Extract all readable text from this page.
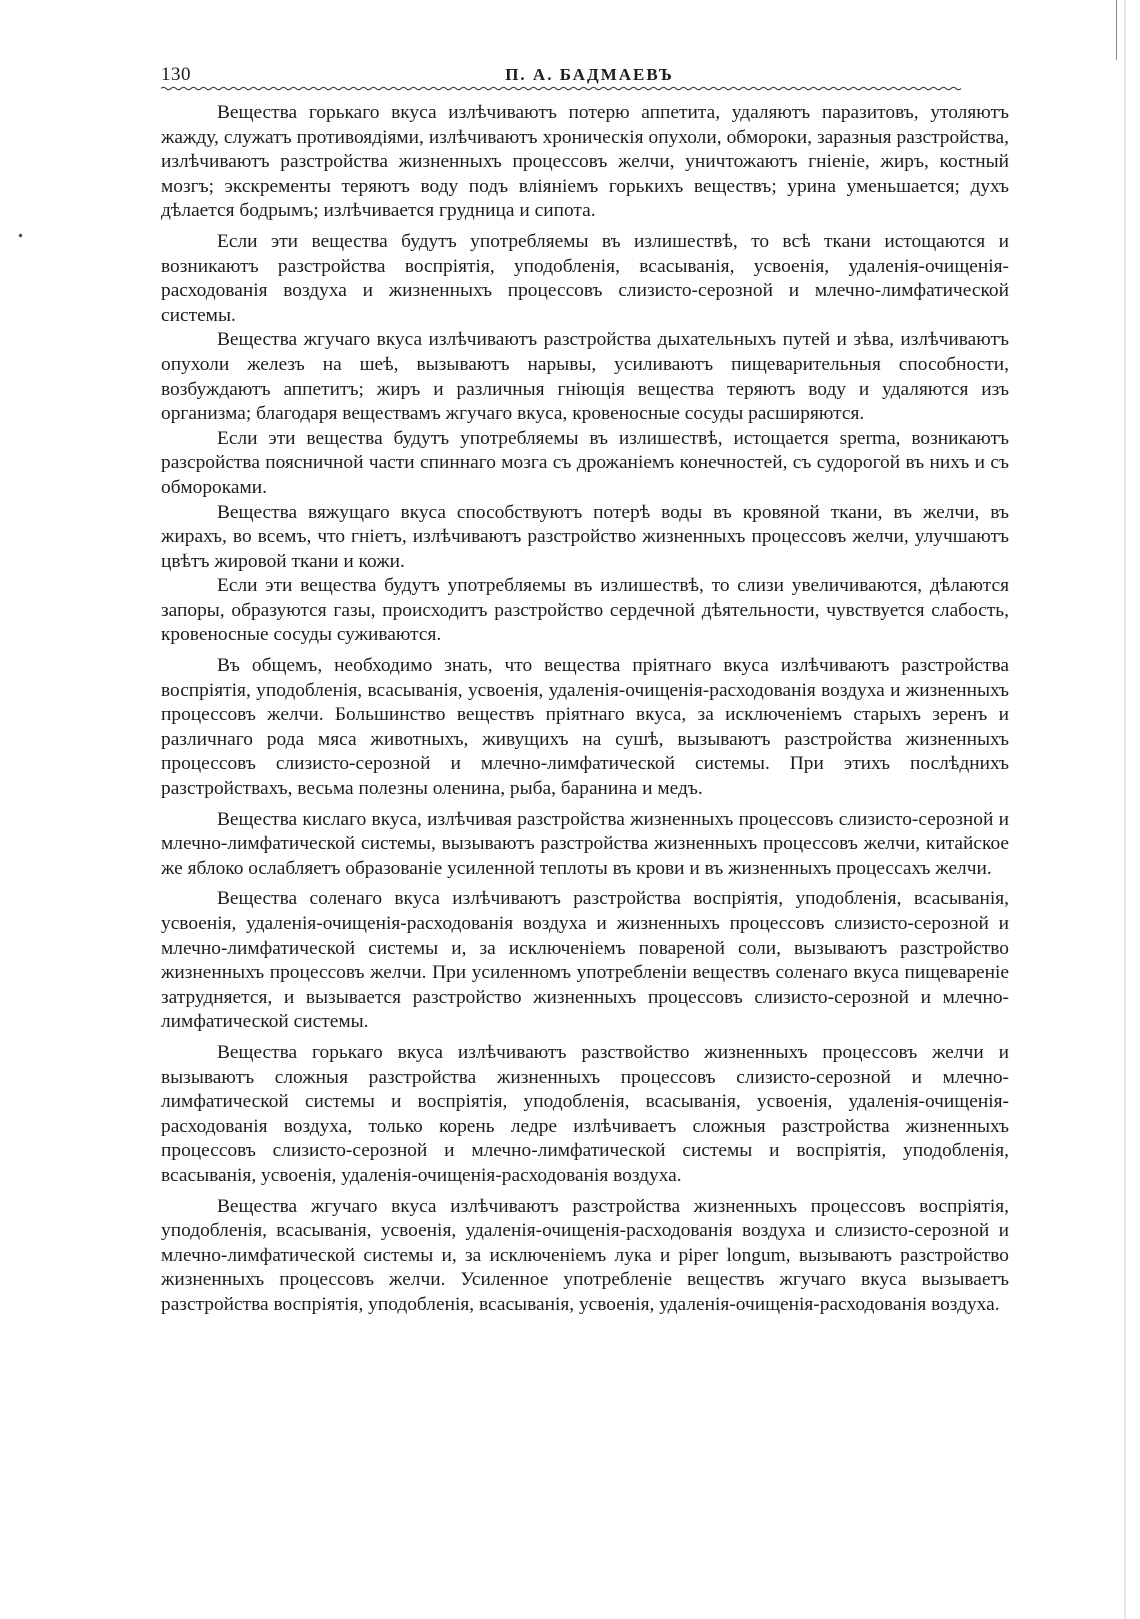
130	П. А. БАДМАЕВЪ

Вещества горькаго вкуса излѣчиваютъ потерю аппетита, удаляютъ паразитовъ, утоляютъ жажду, служатъ противоядіями, излѣчиваютъ хроническія опухоли, обмороки, заразныя разстройства, излѣчиваютъ разстройства жизненныхъ процессовъ желчи, уничтожаютъ гніеніе, жиръ, костный мозгъ; экскременты теряютъ воду подъ вліяніемъ горькихъ веществъ; урина уменьшается; духъ дѣлается бодрымъ; излѣчивается грудница и сипота.

Если эти вещества будутъ употребляемы въ излишествѣ, то всѣ ткани истощаются и возникаютъ разстройства воспріятія, уподобленія, всасыванія, усвоенія, удаленія-очищенія-расходованія воздуха и жизненныхъ процессовъ слизисто-серозной и млечно-лимфатической системы.

Вещества жгучаго вкуса излѣчиваютъ разстройства дыхательныхъ путей и зѣва, излѣчиваютъ опухоли железъ на шеѣ, вызываютъ нарывы, усиливаютъ пищеварительныя способности, возбуждаютъ аппетитъ; жиръ и различныя гніющія вещества теряютъ воду и удаляются изъ организма; благодаря веществамъ жгучаго вкуса, кровеносные сосуды расширяются.

Если эти вещества будутъ употребляемы въ излишествѣ, истощается sperma, возникаютъ разсройства поясничной части спиннаго мозга съ дрожаніемъ конечностей, съ судорогой въ нихъ и съ обмороками.

Вещества вяжущаго вкуса способствуютъ потерѣ воды въ кровяной ткани, въ желчи, въ жирахъ, во всемъ, что гніетъ, излѣчиваютъ разстройство жизненныхъ процессовъ желчи, улучшаютъ цвѣтъ жировой ткани и кожи.

Если эти вещества будутъ употребляемы въ излишествѣ, то слизи увеличиваются, дѣлаются запоры, образуются газы, происходитъ разстройство сердечной дѣятельности, чувствуется слабость, кровеносные сосуды суживаются.

Въ общемъ, необходимо знать, что вещества пріятнаго вкуса излѣчиваютъ разстройства воспріятія, уподобленія, всасыванія, усвоенія, удаленія-очищенія-расходованія воздуха и жизненныхъ процессовъ желчи. Большинство веществъ пріятнаго вкуса, за исключеніемъ старыхъ зеренъ и различнаго рода мяса животныхъ, живущихъ на сушѣ, вызываютъ разстройства жизненныхъ процессовъ слизисто-серозной и млечно-лимфатической системы. При этихъ послѣднихъ разстройствахъ, весьма полезны оленина, рыба, баранина и медъ.

Вещества кислаго вкуса, излѣчивая разстройства жизненныхъ процессовъ слизисто-серозной и млечно-лимфатической системы, вызываютъ разстройства жизненныхъ процессовъ желчи, китайское же яблоко ослабляетъ образованіе усиленной теплоты въ крови и въ жизненныхъ процессахъ желчи.

Вещества соленаго вкуса излѣчиваютъ разстройства воспріятія, уподобленія, всасыванія, усвоенія, удаленія-очищенія-расходованія воздуха и жизненныхъ процессовъ слизисто-серозной и млечно-лимфатической системы и, за исключеніемъ повареной соли, вызываютъ разстройство жизненныхъ процессовъ желчи. При усиленномъ употребленіи веществъ соленаго вкуса пищевареніе затрудняется, и вызывается разстройство жизненныхъ процессовъ слизисто-серозной и млечно-лимфатической системы.

Вещества горькаго вкуса излѣчиваютъ разствойство жизненныхъ процессовъ желчи и вызываютъ сложныя разстройства жизненныхъ процессовъ слизисто-серозной и млечнолимфатической системы и воспріятія, уподобленія, всасыванія, усвоенія, удаленія-очищенія-расходованія воздуха, только корень ледре излѣчиваетъ сложныя разстройства жизненныхъ процессовъ слизисто-серозной и млечно-лимфатической системы и воспріятія, уподобленія, всасыванія, усвоенія, удаленія-очищенія-расходованія воздуха.

Вещества жгучаго вкуса излѣчиваютъ разстройства жизненныхъ процессовъ воспріятія, уподобленія, всасыванія, усвоенія, удаленія-очищенія-расходованія воздуха и слизисто-серозной и млечно-лимфатической системы и, за исключеніемъ лука и piper longum, вызываютъ разстройство жизненныхъ процессовъ желчи. Усиленное употребленіе веществъ жгучаго вкуса вызываетъ разстройства воспріятія, уподобленія, всасыванія, усвоенія, удаленія-очищенія-расходованія воздуха.
